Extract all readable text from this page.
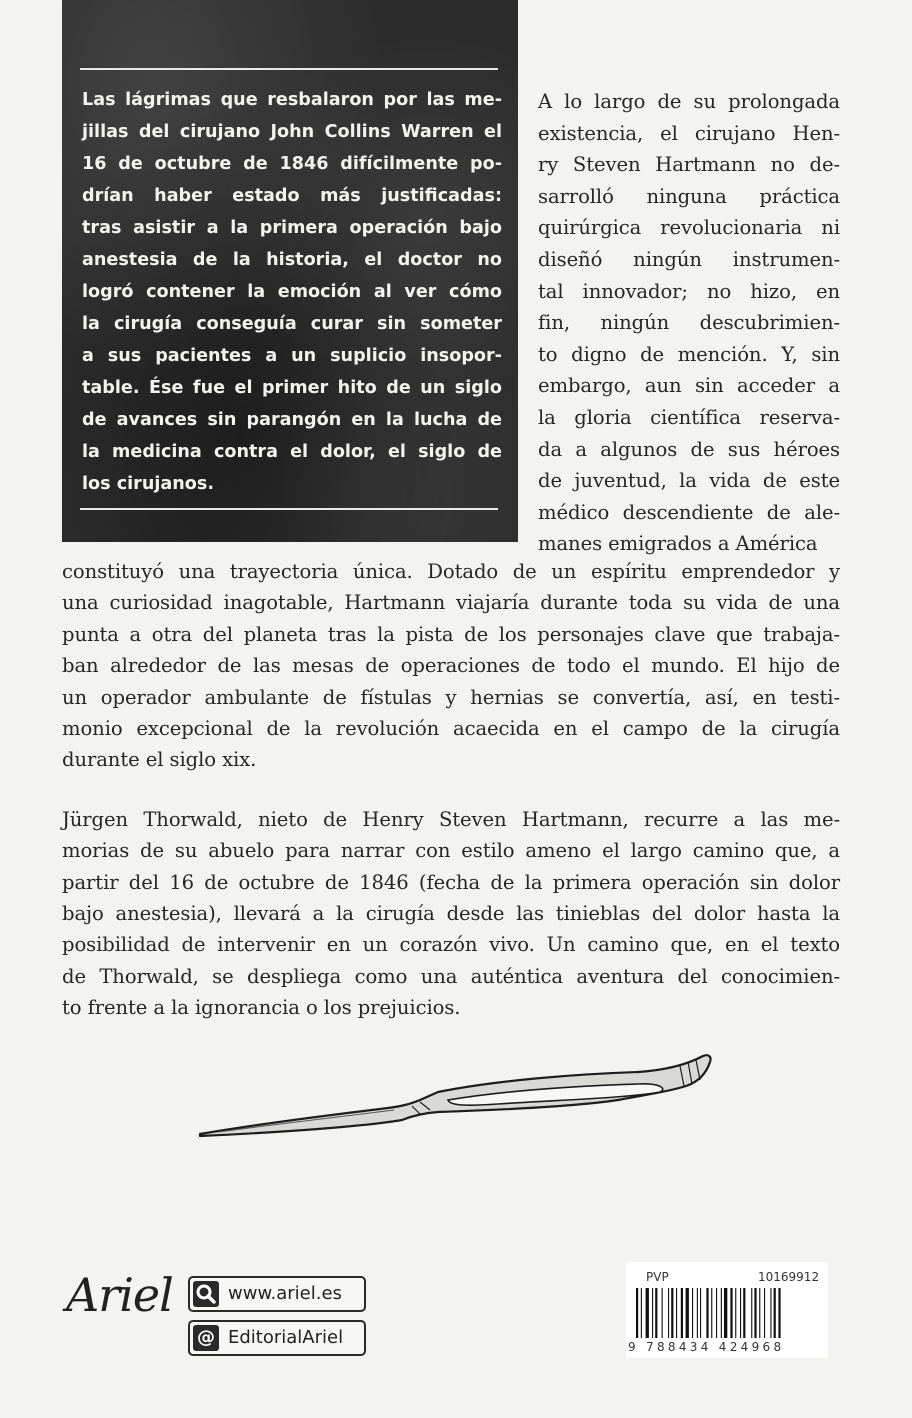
Las lágrimas que resbalaron por las me-
jillas del cirujano John Collins Warren el
16 de octubre de 1846 difícilmente po-
drían haber estado más justificadas:
tras asistir a la primera operación bajo
anestesia de la historia, el doctor no
logró contener la emoción al ver cómo
la cirugía conseguía curar sin someter
a sus pacientes a un suplicio insopor-
table. Ése fue el primer hito de un siglo
de avances sin parangón en la lucha de
la medicina contra el dolor, el siglo de
los cirujanos.
A lo largo de su prolongada
existencia, el cirujano Hen-
ry Steven Hartmann no de-
sarrolló ninguna práctica
quirúrgica revolucionaria ni
diseñó ningún instrumen-
tal innovador; no hizo, en
fin, ningún descubrimien-
to digno de mención. Y, sin
embargo, aun sin acceder a
la gloria científica reserva-
da a algunos de sus héroes
de juventud, la vida de este
médico descendiente de ale-
manes emigrados a América
constituyó una trayectoria única. Dotado de un espíritu emprendedor y
una curiosidad inagotable, Hartmann viajaría durante toda su vida de una
punta a otra del planeta tras la pista de los personajes clave que trabaja-
ban alrededor de las mesas de operaciones de todo el mundo. El hijo de
un operador ambulante de fístulas y hernias se convertía, así, en testi-
monio excepcional de la revolución acaecida en el campo de la cirugía
durante el siglo xix.
Jürgen Thorwald, nieto de Henry Steven Hartmann, recurre a las me-
morias de su abuelo para narrar con estilo ameno el largo camino que, a
partir del 16 de octubre de 1846 (fecha de la primera operación sin dolor
bajo anestesia), llevará a la cirugía desde las tinieblas del dolor hasta la
posibilidad de intervenir en un corazón vivo. Un camino que, en el texto
de Thorwald, se despliega como una auténtica aventura del conocimien-
to frente a la ignorancia o los prejuicios.
Ariel	www.ariel.es
@ EditorialAriel
PVP	10169912
9 788434 424968
